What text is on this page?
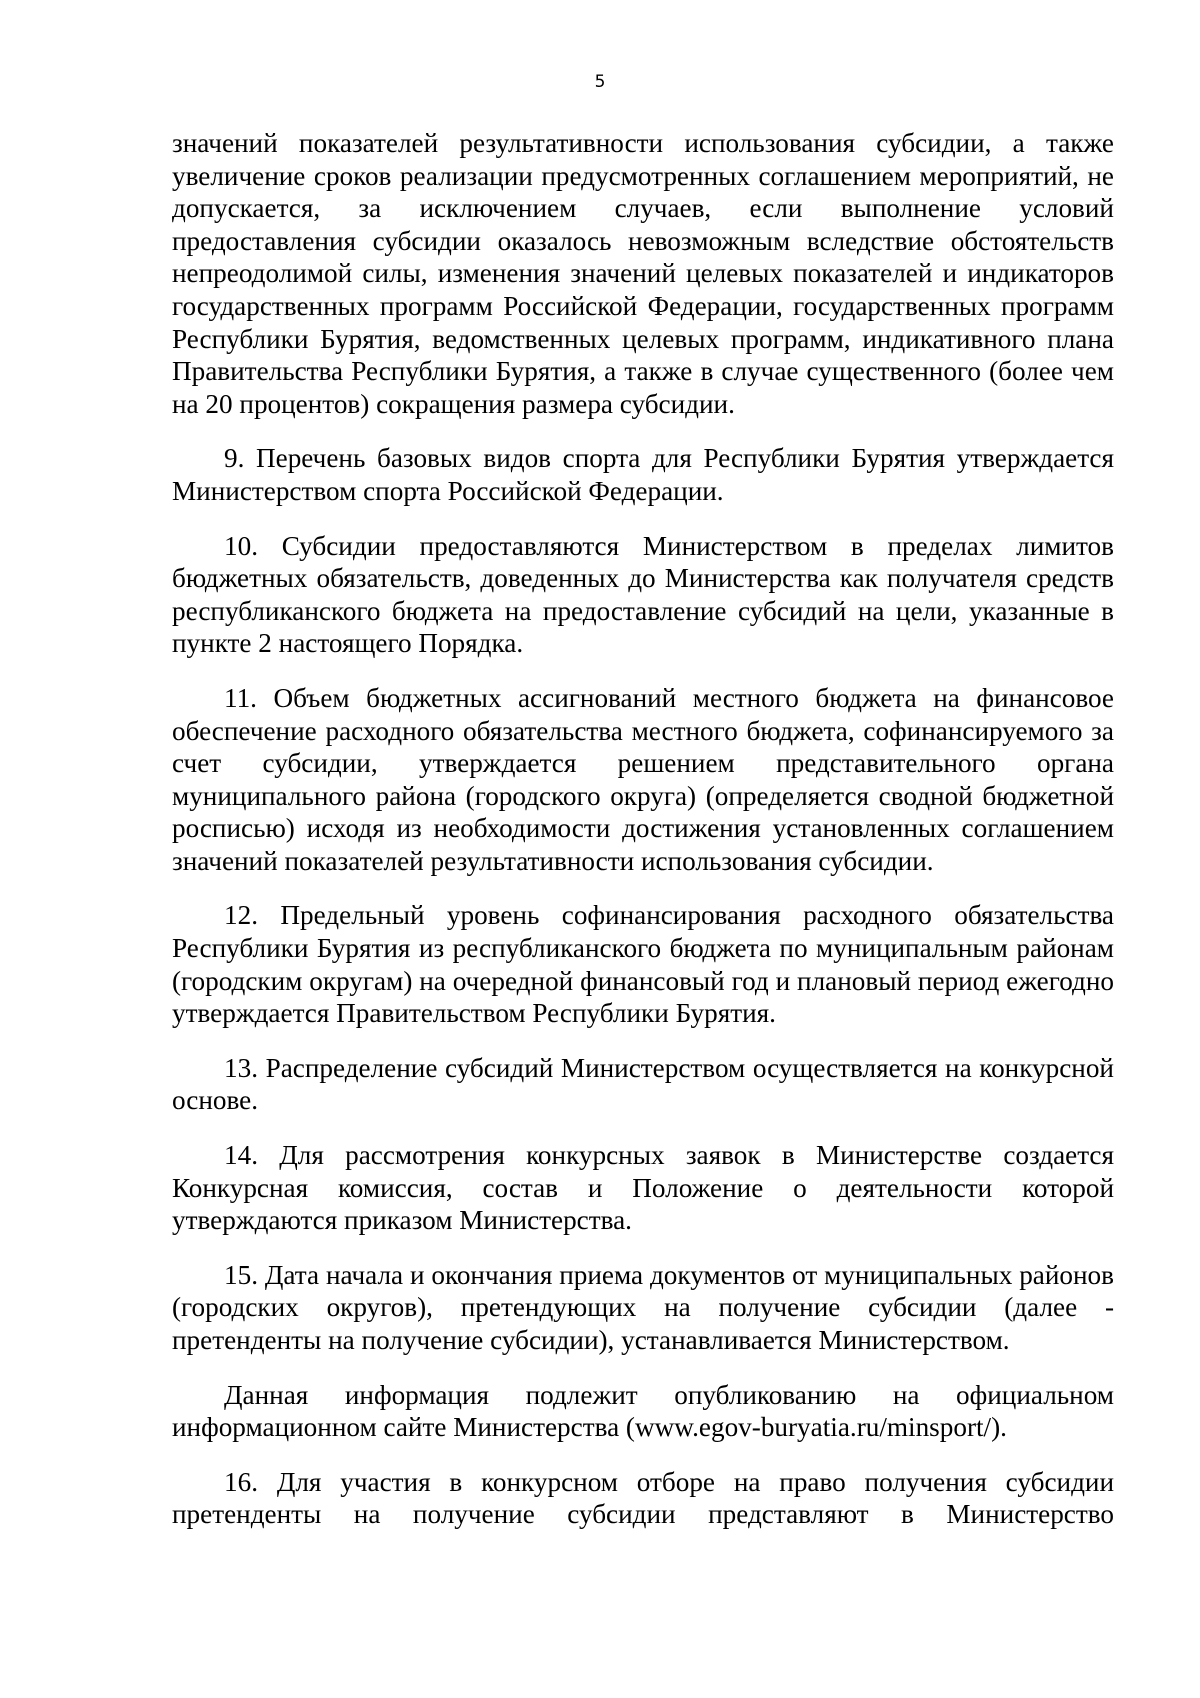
5

значений показателей результативности использования субсидии, а также увеличение сроков реализации предусмотренных соглашением мероприятий, не допускается, за исключением случаев, если выполнение условий предоставления субсидии оказалось невозможным вследствие обстоятельств непреодолимой силы, изменения значений целевых показателей и индикаторов государственных программ Российской Федерации, государственных программ Республики Бурятия, ведомственных целевых программ, индикативного плана Правительства Республики Бурятия, а также в случае существенного (более чем на 20 процентов) сокращения размера субсидии.

9. Перечень базовых видов спорта для Республики Бурятия утверждается Министерством спорта Российской Федерации.

10. Субсидии предоставляются Министерством в пределах лимитов бюджетных обязательств, доведенных до Министерства как получателя средств республиканского бюджета на предоставление субсидий на цели, указанные в пункте 2 настоящего Порядка.

11. Объем бюджетных ассигнований местного бюджета на финансовое обеспечение расходного обязательства местного бюджета, софинансируемого за счет субсидии, утверждается решением представительного органа муниципального района (городского округа) (определяется сводной бюджетной росписью) исходя из необходимости достижения установленных соглашением значений показателей результативности использования субсидии.

12. Предельный уровень софинансирования расходного обязательства Республики Бурятия из республиканского бюджета по муниципальным районам (городским округам) на очередной финансовый год и плановый период ежегодно утверждается Правительством Республики Бурятия.

13. Распределение субсидий Министерством осуществляется на конкурсной основе.

14. Для рассмотрения конкурсных заявок в Министерстве создается Конкурсная комиссия, состав и Положение о деятельности которой утверждаются приказом Министерства.

15. Дата начала и окончания приема документов от муниципальных районов (городских округов), претендующих на получение субсидии (далее - претенденты на получение субсидии), устанавливается Министерством.

Данная информация подлежит опубликованию на официальном информационном сайте Министерства (www.egov-buryatia.ru/minsport/).

16. Для участия в конкурсном отборе на право получения субсидии претенденты на получение субсидии представляют в Министерство
